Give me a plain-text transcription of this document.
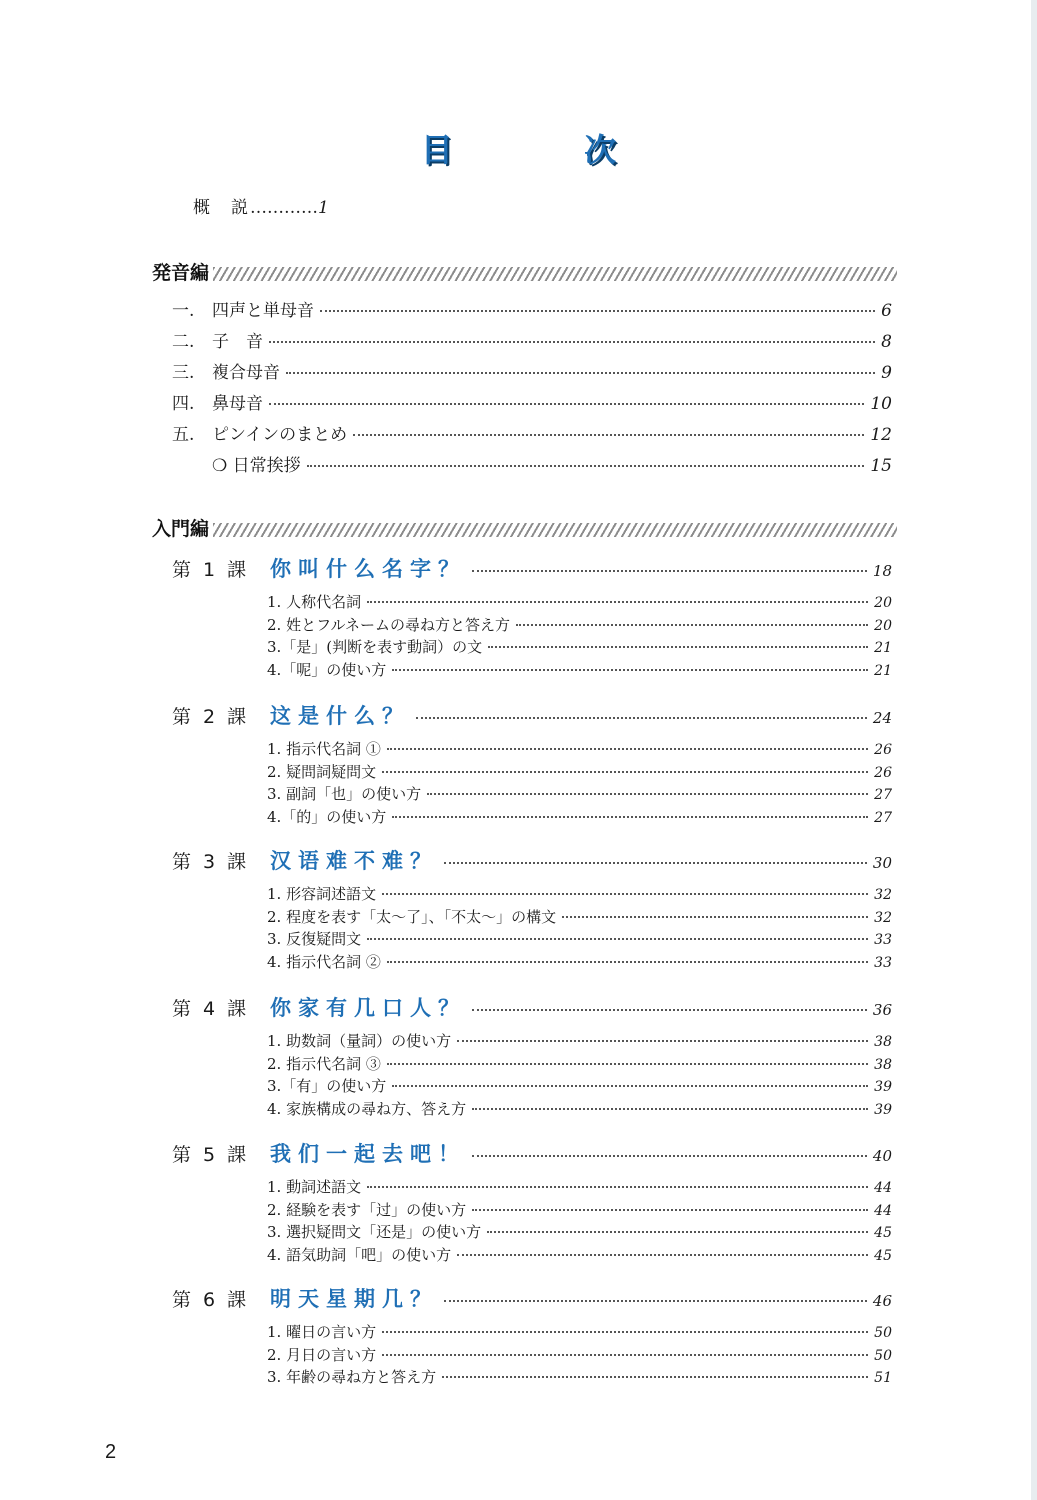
目 次
概　説…………1
発音編
一. 四声と単母音	6
二. 子　音	8
三. 複合母音	9
四. 鼻母音	10
五. ピンインのまとめ	12
❍ 日常挨拶	15
入門編
第 1 課 你叫什么名字？	18
1. 人称代名詞	20
2. 姓とフルネームの尋ね方と答え方	20
3.「是」(判断を表す動詞）の文	21
4.「呢」の使い方	21
第 2 課 这是什么？	24
1. 指示代名詞 ①	26
2. 疑問詞疑問文	26
3. 副詞「也」の使い方	27
4.「的」の使い方	27
第 3 課 汉语难不难？	30
1. 形容詞述語文	32
2. 程度を表す「太～了」、「不太～」の構文	32
3. 反復疑問文	33
4. 指示代名詞 ②	33
第 4 課 你家有几口人？	36
1. 助数詞（量詞）の使い方	38
2. 指示代名詞 ③	38
3.「有」の使い方	39
4. 家族構成の尋ね方、答え方	39
第 5 課 我们一起去吧！	40
1. 動詞述語文	44
2. 経験を表す「过」の使い方	44
3. 選択疑問文「还是」の使い方	45
4. 語気助詞「吧」の使い方	45
第 6 課 明天星期几？	46
1. 曜日の言い方	50
2. 月日の言い方	50
3. 年齢の尋ね方と答え方	51
2
